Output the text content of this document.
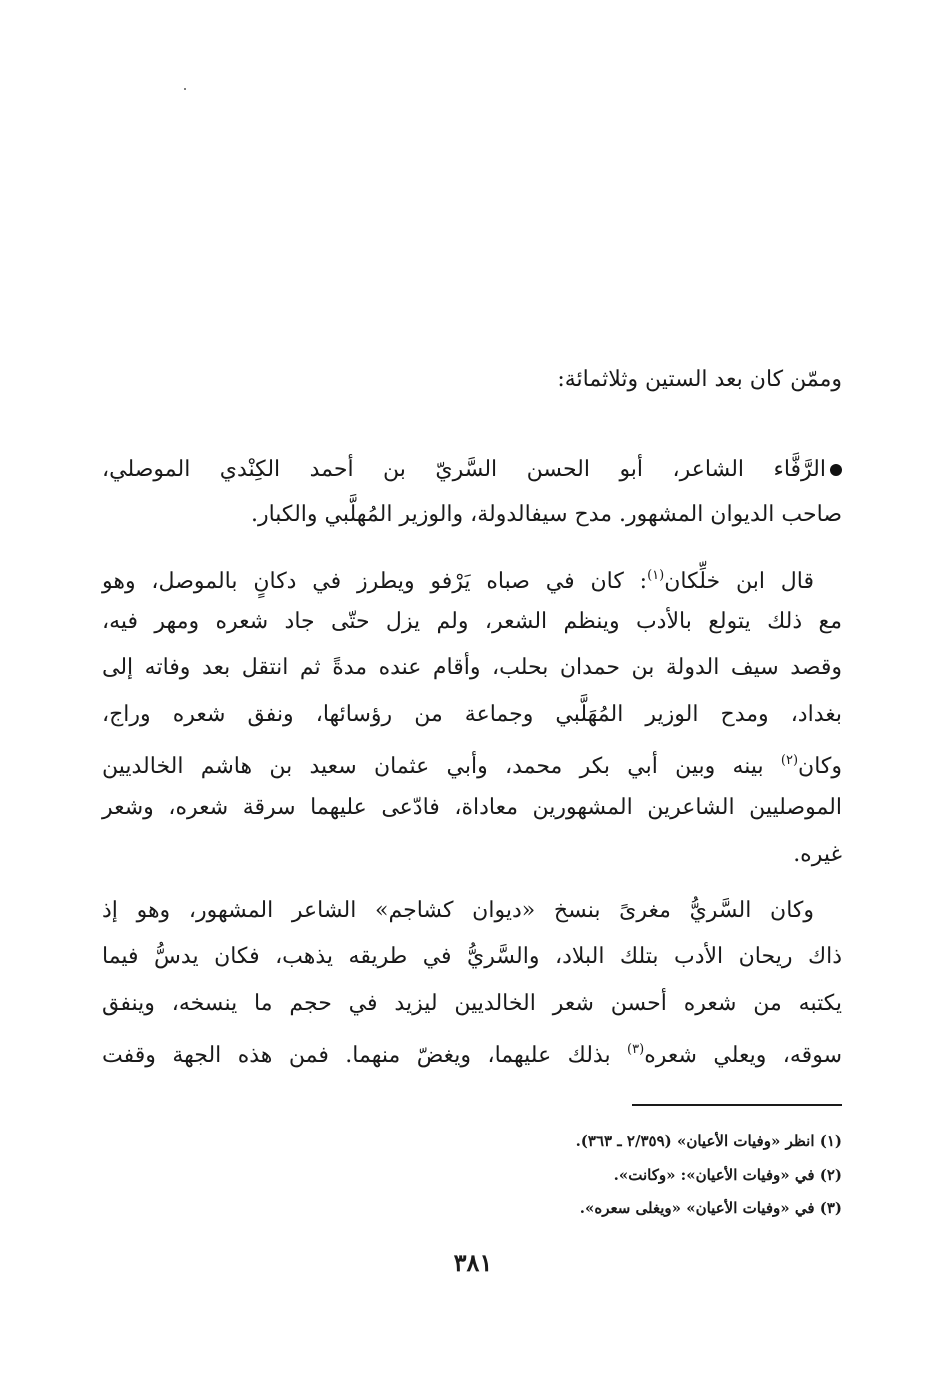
وممّن كان بعد الستين وثلاثمائة:
الرَّفَّاء الشاعر، أبو الحسن السَّريّ بن أحمد الكِنْدي الموصلي،
صاحب الديوان المشهور. مدح سيفالدولة، والوزير المُهلَّبي والكبار.
قال ابن خلِّكان$^{(١)}$: كان في صباه يَرْفو ويطرز في دكانٍ بالموصل، وهو
مع ذلك يتولع بالأدب وينظم الشعر، ولم يزل حتّى جاد شعره ومهر فيه،
وقصد سيف الدولة بن حمدان بحلب، وأقام عنده مدةً ثم انتقل بعد وفاته إلى
بغداد، ومدح الوزير المُهَلَّبي وجماعة من رؤسائها، ونفق شعره وراج،
وكان$^{(٢)}$ بينه وبين أبي بكر محمد، وأبي عثمان سعيد بن هاشم الخالديين
الموصليين الشاعرين المشهورين معاداة، فادّعى عليهما سرقة شعره، وشعر
غيره.
وكان السَّريُّ مغرىً بنسخ «ديوان كشاجم» الشاعر المشهور، وهو إذ
ذاك ريحان الأدب بتلك البلاد، والسَّريُّ في طريقه يذهب، فكان يدسُّ فيما
يكتبه من شعره أحسن شعر الخالديين ليزيد في حجم ما ينسخه، وينفق
سوقه، ويعلي شعره$^{(٣)}$ بذلك عليهما، ويغضّ منهما. فمن هذه الجهة وقفت
(١) انظر «وفيات الأعيان» (٢/٣٥٩ ـ ٣٦٣).
(٢) في «وفيات الأعيان»: «وكانت».
(٣) في «وفيات الأعيان» «ويغلى سعره».
٣٨١
